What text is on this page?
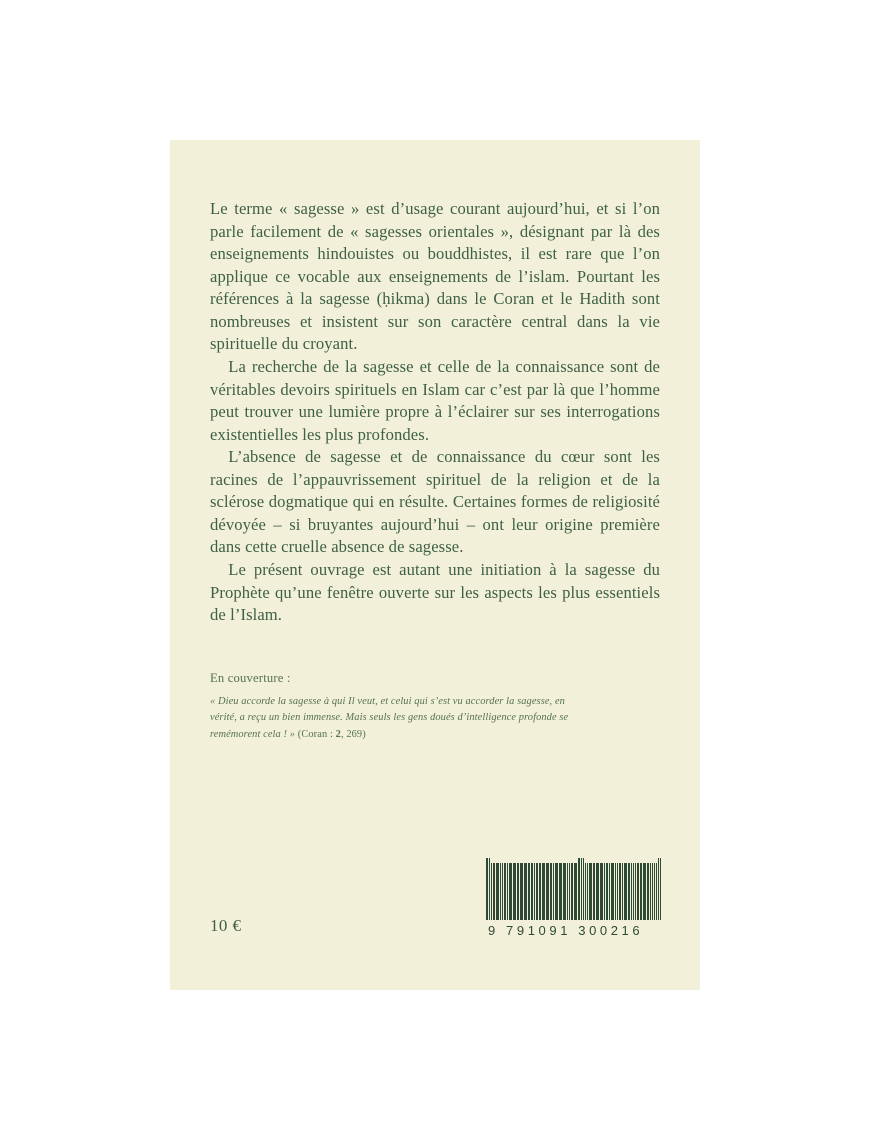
Le terme « sagesse » est d’usage courant aujourd’hui, et si l’on parle facilement de « sagesses orientales », désignant par là des enseignements hindouistes ou bouddhistes, il est rare que l’on applique ce vocable aux enseignements de l’islam. Pourtant les références à la sagesse (ḥikma) dans le Coran et le Hadith sont nombreuses et insistent sur son caractère central dans la vie spirituelle du croyant.

La recherche de la sagesse et celle de la connaissance sont de véritables devoirs spirituels en Islam car c’est par là que l’homme peut trouver une lumière propre à l’éclairer sur ses interrogations existentielles les plus profondes.

L’absence de sagesse et de connaissance du cœur sont les racines de l’appauvrissement spirituel de la religion et de la sclérose dogmatique qui en résulte. Certaines formes de religiosité dévoyée – si bruyantes aujourd’hui – ont leur origine première dans cette cruelle absence de sagesse.

Le présent ouvrage est autant une initiation à la sagesse du Prophète qu’une fenêtre ouverte sur les aspects les plus essentiels de l’Islam.

En couverture :
« Dieu accorde la sagesse à qui Il veut, et celui qui s’est vu accorder la sagesse, en vérité, a reçu un bien immense. Mais seuls les gens doués d’intelligence profonde se remémorent cela ! » (Coran : 2, 269)
10 €	9 791091 300216
